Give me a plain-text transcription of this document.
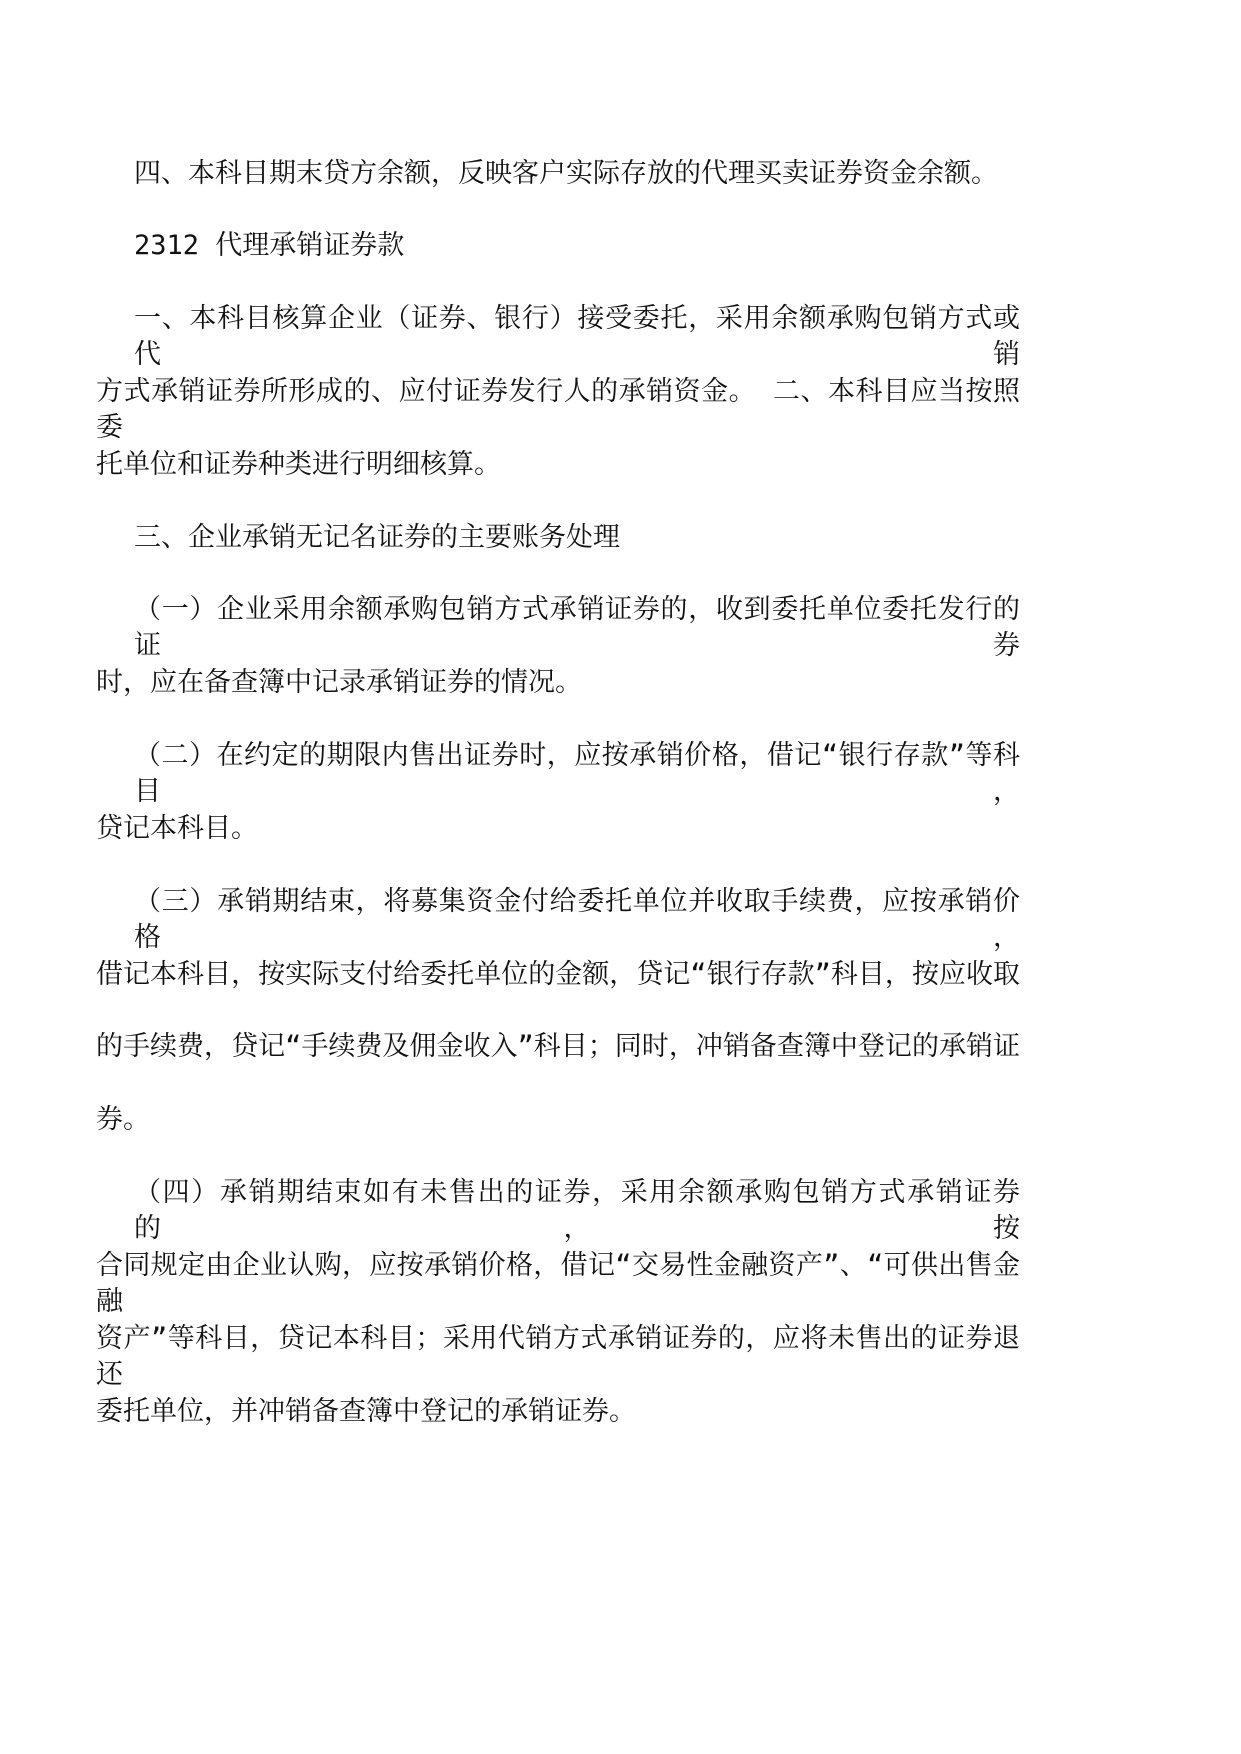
四、本科目期末贷方余额，反映客户实际存放的代理买卖证券资金余额。

2312 代理承销证券款

一、本科目核算企业（证券、银行）接受委托，采用余额承购包销方式或代销

方式承销证券所形成的、应付证券发行人的承销资金。 二、本科目应当按照委

托单位和证券种类进行明细核算。

三、企业承销无记名证券的主要账务处理

（一）企业采用余额承购包销方式承销证券的，收到委托单位委托发行的证券

时，应在备查簿中记录承销证券的情况。

（二）在约定的期限内售出证券时，应按承销价格，借记“银行存款”等科目，

贷记本科目。

（三）承销期结束，将募集资金付给委托单位并收取手续费，应按承销价格，

借记本科目，按实际支付给委托单位的金额，贷记“银行存款”科目，按应收取

的手续费，贷记“手续费及佣金收入”科目；同时，冲销备查簿中登记的承销证

券。

（四）承销期结束如有未售出的证券，采用余额承购包销方式承销证券的，按

合同规定由企业认购，应按承销价格，借记“交易性金融资产”、“可供出售金融

资产”等科目，贷记本科目；采用代销方式承销证券的，应将未售出的证券退还

委托单位，并冲销备查簿中登记的承销证券。
